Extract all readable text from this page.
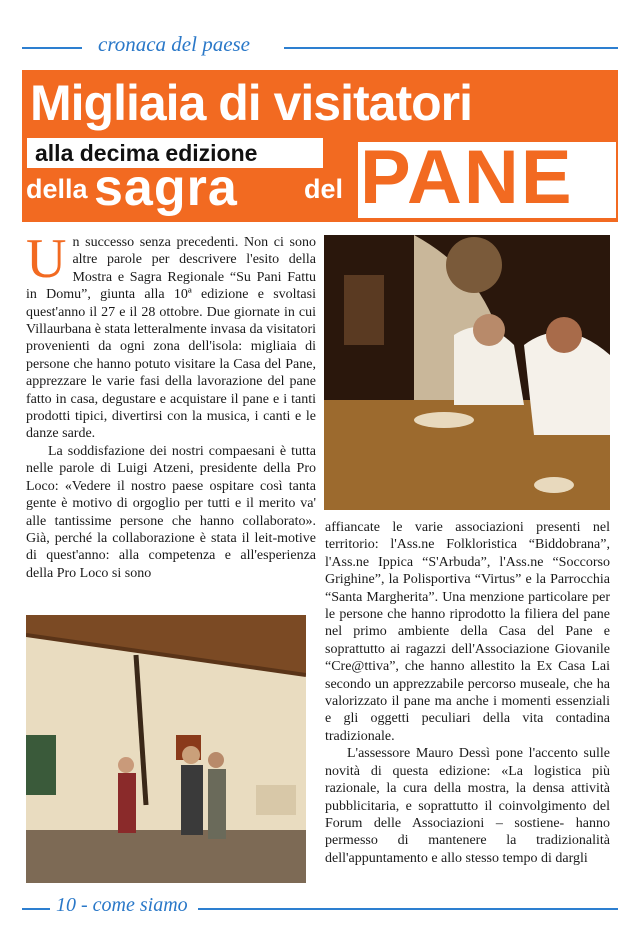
cronaca del paese
Migliaia di visitatori
alla decima edizione
della sagra del PANE

Un successo senza precedenti. Non ci sono altre parole per descrivere l'esito della Mostra e Sagra Regionale “Su Pani Fattu in Domu”, giunta alla 10ª edizione e svoltasi quest'anno il 27 e il 28 ottobre. Due giornate in cui Villaurbana è stata letteralmente invasa da visitatori provenienti da ogni zona dell'isola: migliaia di persone che hanno potuto visitare la Casa del Pane, apprezzare le varie fasi della lavorazione del pane fatto in casa, degustare e acquistare il pane e i tanti prodotti tipici, divertirsi con la musica, i canti e le danze sarde.

La soddisfazione dei nostri compaesani è tutta nelle parole di Luigi Atzeni, presidente della Pro Loco: «Vedere il nostro paese ospitare così tanta gente è motivo di orgoglio per tutti e il merito va' alle tantissime persone che hanno collaborato». Già, perché la collaborazione è stata il leit-motive di quest'anno: alla competenza e all'esperienza della Pro Loco si sono

affiancate le varie associazioni presenti nel territorio: l'Ass.ne Folkloristica “Biddobrana”, l'Ass.ne Ippica “S'Arbuda”, l'Ass.ne “Soccorso Grighine”, la Polisportiva “Virtus” e la Parrocchia “Santa Margherita”. Una menzione particolare per le persone che hanno riprodotto la filiera del pane nel primo ambiente della Casa del Pane e soprattutto ai ragazzi dell'Associazione Giovanile “Cre@ttiva”, che hanno allestito la Ex Casa Lai secondo un apprezzabile percorso museale, che ha valorizzato il pane ma anche i momenti essenziali e gli oggetti peculiari della vita contadina tradizionale.

L'assessore Mauro Dessì pone l'accento sulle novità di questa edizione: «La logistica più razionale, la cura della mostra, la densa attività pubblicitaria, e soprattutto il coinvolgimento del Forum delle Associazioni – sostiene- hanno permesso di mantenere la tradizionalità dell'appuntamento e allo stesso tempo di dargli

10 - come siamo
